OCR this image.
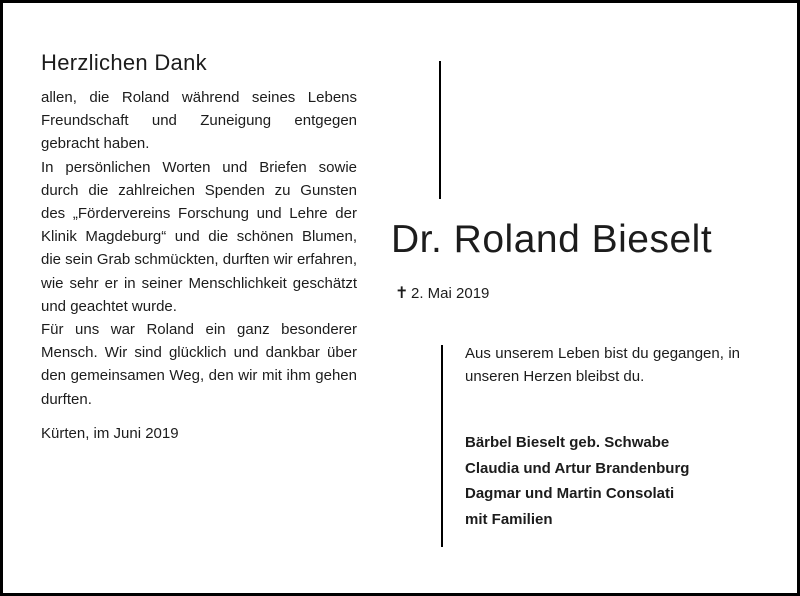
Herzlichen Dank

allen, die Roland während seines Lebens Freundschaft und Zuneigung entgegen gebracht haben.

In persönlichen Worten und Briefen sowie durch die zahlreichen Spenden zu Gunsten des „Fördervereins Forschung und Lehre der Klinik Magdeburg“ und die schönen Blumen, die sein Grab schmückten, durften wir erfahren, wie sehr er in seiner Menschlichkeit geschätzt und geachtet wurde.

Für uns war Roland ein ganz besonderer Mensch. Wir sind glücklich und dankbar über den gemeinsamen Weg, den wir mit ihm gehen durften.

Kürten, im Juni 2019
Dr. Roland Bieselt
✝ 2. Mai 2019

Aus unserem Leben bist du gegangen, in unseren Herzen bleibst du.

Bärbel Bieselt geb. Schwabe
Claudia und Artur Brandenburg
Dagmar und Martin Consolati
mit Familien
